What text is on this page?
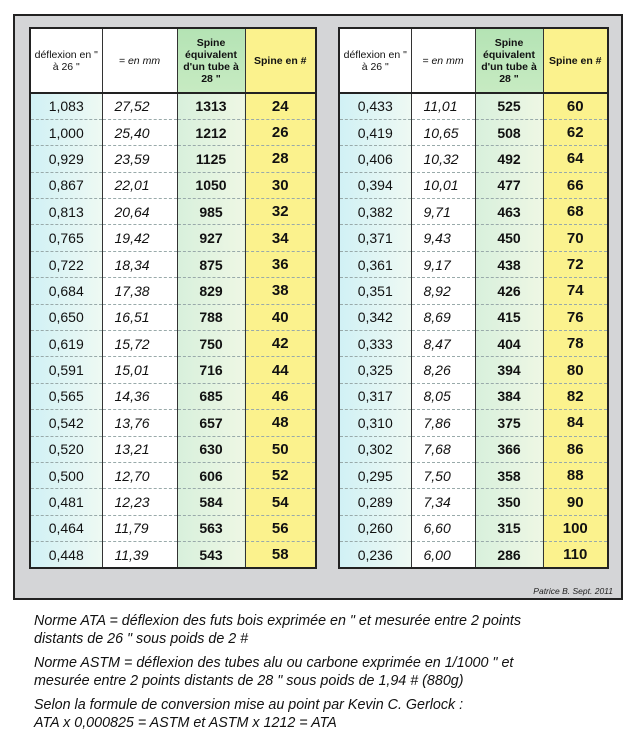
déflexion en " à 26 "	= en mm	Spine équivalent d'un tube à 28 "	Spine en #
1,083	27,52	1313	24
1,000	25,40	1212	26
0,929	23,59	1125	28
0,867	22,01	1050	30
0,813	20,64	985	32
0,765	19,42	927	34
0,722	18,34	875	36
0,684	17,38	829	38
0,650	16,51	788	40
0,619	15,72	750	42
0,591	15,01	716	44
0,565	14,36	685	46
0,542	13,76	657	48
0,520	13,21	630	50
0,500	12,70	606	52
0,481	12,23	584	54
0,464	11,79	563	56
0,448	11,39	543	58
déflexion en " à 26 "	= en mm	Spine équivalent d'un tube à 28 "	Spine en #
0,433	11,01	525	60
0,419	10,65	508	62
0,406	10,32	492	64
0,394	10,01	477	66
0,382	9,71	463	68
0,371	9,43	450	70
0,361	9,17	438	72
0,351	8,92	426	74
0,342	8,69	415	76
0,333	8,47	404	78
0,325	8,26	394	80
0,317	8,05	384	82
0,310	7,86	375	84
0,302	7,68	366	86
0,295	7,50	358	88
0,289	7,34	350	90
0,260	6,60	315	100
0,236	6,00	286	110
Patrice B. Sept. 2011

Norme ATA = déflexion des futs bois exprimée en " et mesurée entre 2 points
distants de 26 " sous poids de 2 #

Norme ASTM = déflexion des tubes alu ou carbone exprimée en 1/1000 " et
mesurée entre 2 points distants de 28 " sous poids de 1,94 # (880g)

Selon la formule de conversion mise au point par Kevin C. Gerlock :
ATA x 0,000825 = ASTM et ASTM x 1212 = ATA
